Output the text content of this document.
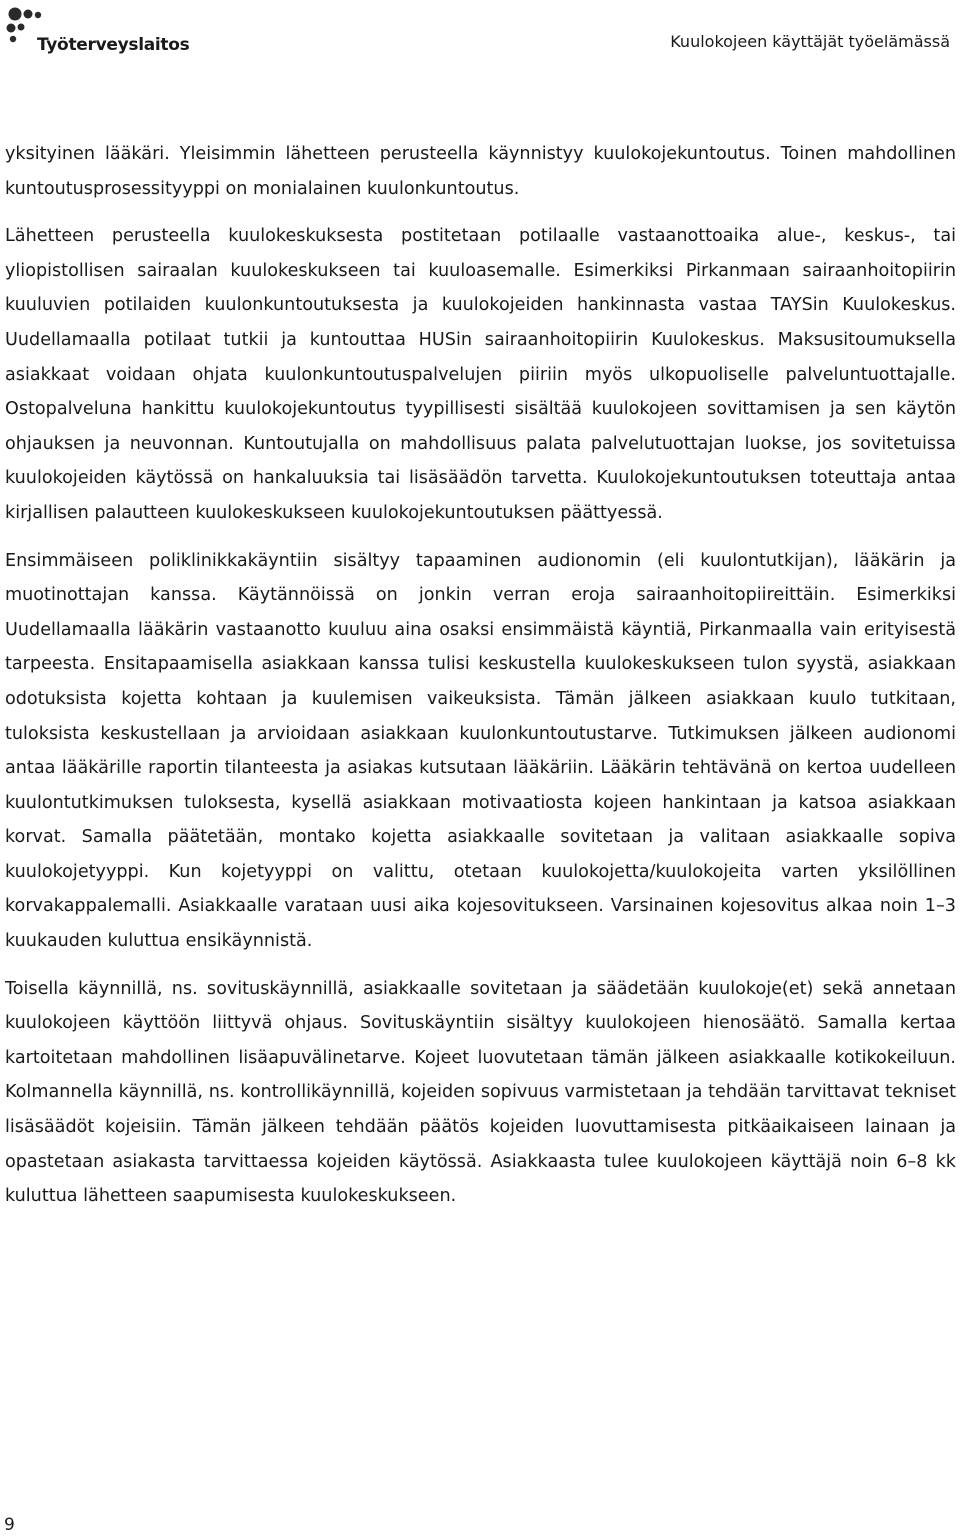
Työterveyslaitos	Kuulokojeen käyttäjät työelämässä

yksityinen lääkäri. Yleisimmin lähetteen perusteella käynnistyy kuulokojekuntoutus. Toinen mahdollinen kuntoutusprosessityyppi on monialainen kuulonkuntoutus.

Lähetteen perusteella kuulokeskuksesta postitetaan potilaalle vastaanottoaika alue-, keskus-, tai yliopistollisen sairaalan kuulokeskukseen tai kuuloasemalle. Esimerkiksi Pirkanmaan sairaanhoitopiirin kuuluvien potilaiden kuulonkuntoutuksesta ja kuulokojeiden hankinnasta vastaa TAYSin Kuulokeskus. Uudellamaalla potilaat tutkii ja kuntouttaa HUSin sairaanhoitopiirin Kuulokeskus. Maksusitoumuksella asiakkaat voidaan ohjata kuulonkuntoutuspalvelujen piiriin myös ulkopuoliselle palveluntuottajalle. Ostopalveluna hankittu kuulokojekuntoutus tyypillisesti sisältää kuulokojeen sovittamisen ja sen käytön ohjauksen ja neuvonnan. Kuntoutujalla on mahdollisuus palata palvelutuottajan luokse, jos sovitetuissa kuulokojeiden käytössä on hankaluuksia tai lisäsäädön tarvetta. Kuulokojekuntoutuksen toteuttaja antaa kirjallisen palautteen kuulokeskukseen kuulokojekuntoutuksen päättyessä.

Ensimmäiseen poliklinikkakäyntiin sisältyy tapaaminen audionomin (eli kuulontutkijan), lääkärin ja muotinottajan kanssa. Käytännöissä on jonkin verran eroja sairaanhoitopiireittäin. Esimerkiksi Uudellamaalla lääkärin vastaanotto kuuluu aina osaksi ensimmäistä käyntiä, Pirkanmaalla vain erityisestä tarpeesta. Ensitapaamisella asiakkaan kanssa tulisi keskustella kuulokeskukseen tulon syystä, asiakkaan odotuksista kojetta kohtaan ja kuulemisen vaikeuksista. Tämän jälkeen asiakkaan kuulo tutkitaan, tuloksista keskustellaan ja arvioidaan asiakkaan kuulonkuntoutustarve. Tutkimuksen jälkeen audionomi antaa lääkärille raportin tilanteesta ja asiakas kutsutaan lääkäriin. Lääkärin tehtävänä on kertoa uudelleen kuulontutkimuksen tuloksesta, kysellä asiakkaan motivaatiosta kojeen hankintaan ja katsoa asiakkaan korvat. Samalla päätetään, montako kojetta asiakkaalle sovitetaan ja valitaan asiakkaalle sopiva kuulokojetyyppi. Kun kojetyyppi on valittu, otetaan kuulokojetta/kuulokojeita varten yksilöllinen korvakappalemalli. Asiakkaalle varataan uusi aika kojesovitukseen. Varsinainen kojesovitus alkaa noin 1–3 kuukauden kuluttua ensikäynnistä.

Toisella käynnillä, ns. sovituskäynnillä, asiakkaalle sovitetaan ja säädetään kuulokoje(et) sekä annetaan kuulokojeen käyttöön liittyvä ohjaus. Sovituskäyntiin sisältyy kuulokojeen hienosäätö. Samalla kertaa kartoitetaan mahdollinen lisäapuvälinetarve. Kojeet luovutetaan tämän jälkeen asiakkaalle kotikokeiluun. Kolmannella käynnillä, ns. kontrollikäynnillä, kojeiden sopivuus varmistetaan ja tehdään tarvittavat tekniset lisäsäädöt kojeisiin. Tämän jälkeen tehdään päätös kojeiden luovuttamisesta pitkäaikaiseen lainaan ja opastetaan asiakasta tarvittaessa kojeiden käytössä. Asiakkaasta tulee kuulokojeen käyttäjä noin 6–8 kk kuluttua lähetteen saapumisesta kuulokeskukseen.

9
